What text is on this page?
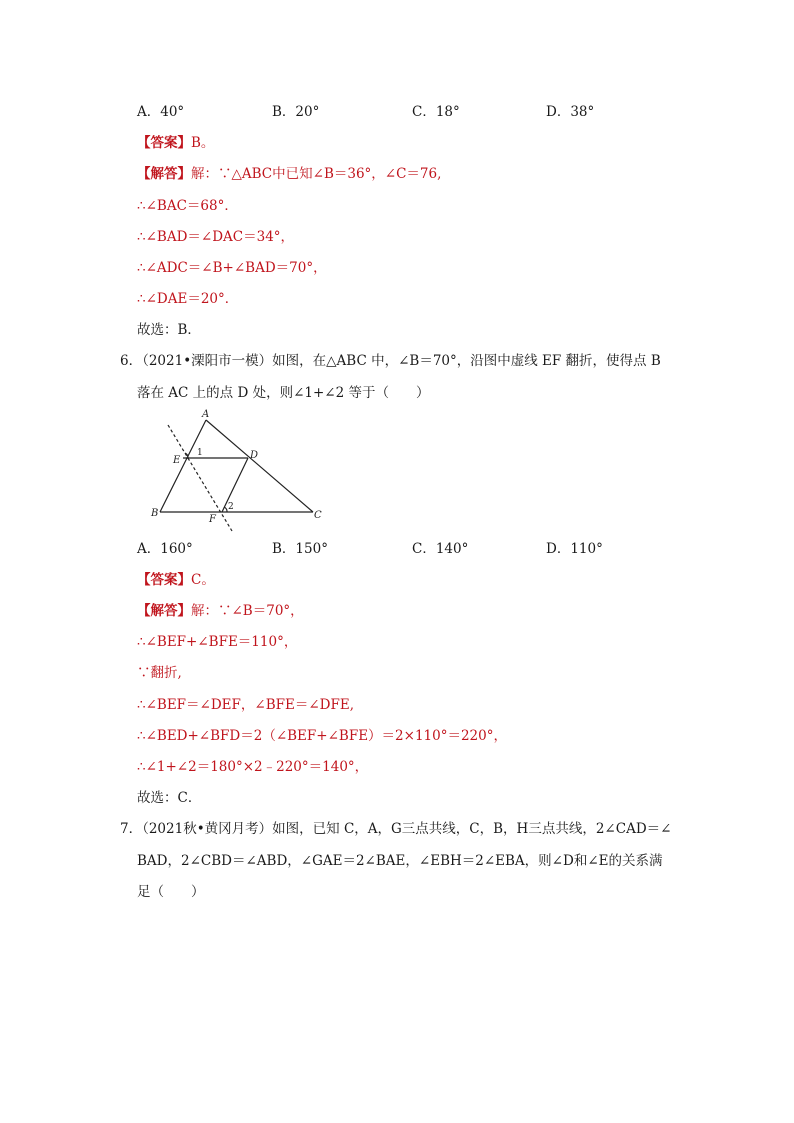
A．40°	B．20°	C．18°	D．38°
【答案】B。
【解答】解：∵△ABC中已知∠B＝36°，∠C＝76,
∴∠BAC＝68°．
∴∠BAD＝∠DAC＝34°，
∴∠ADC＝∠B+∠BAD＝70°，
∴∠DAE＝20°．
故选：B．
6．（2021•溧阳市一模）如图，在△ABC 中，∠B＝70°，沿图中虚线 EF 翻折，使得点 B
落在 AC 上的点 D 处，则∠1+∠2 等于（　　）
A
B	C
D
E
F
1
2
A．160°	B．150°	C．140°	D．110°
【答案】C。
【解答】解：∵∠B＝70°，
∴∠BEF+∠BFE＝110°，
∵翻折,
∴∠BEF＝∠DEF，∠BFE＝∠DFE,
∴∠BED+∠BFD＝2（∠BEF+∠BFE）＝2×110°＝220°，
∴∠1+∠2＝180°×2﹣220°＝140°，
故选：C．
7．（2021秋•黄冈月考）如图，已知 C，A，G三点共线，C，B，H三点共线，2∠CAD＝∠
BAD，2∠CBD＝∠ABD，∠GAE＝2∠BAE，∠EBH＝2∠EBA，则∠D和∠E的关系满
足（　　）
